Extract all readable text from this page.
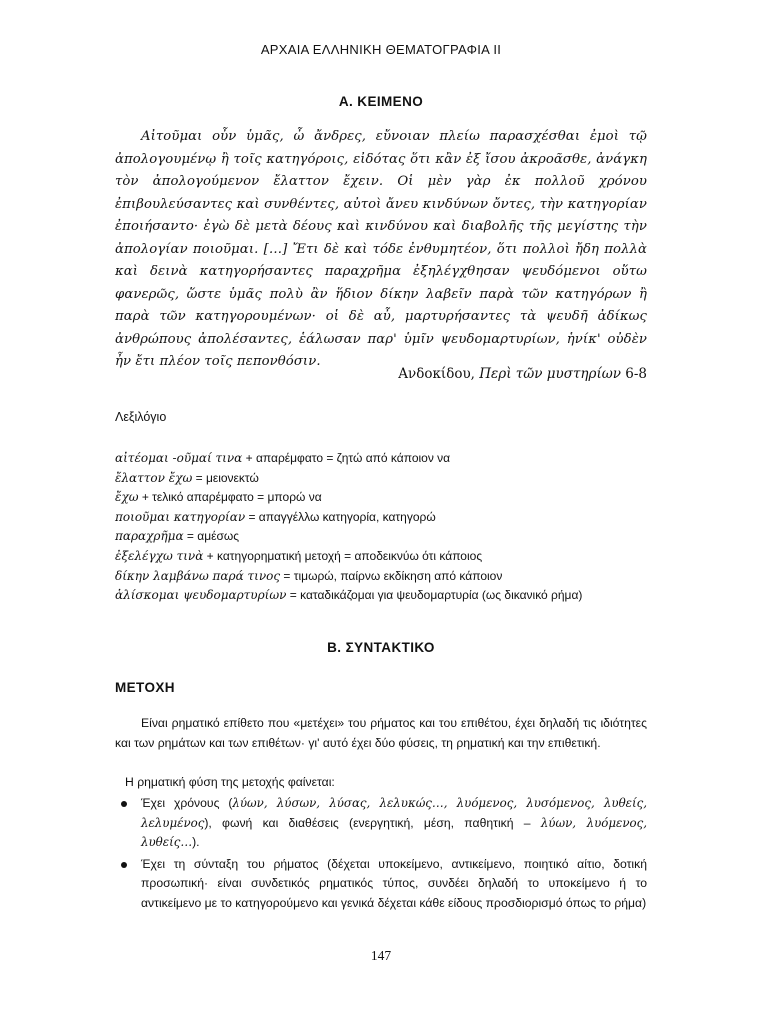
ΑΡΧΑΙΑ ΕΛΛΗΝΙΚΗ ΘΕΜΑΤΟΓΡΑΦΙΑ ΙΙ
Α. ΚΕΙΜΕΝΟ

Αἰτοῦμαι οὖν ὑμᾶς, ὦ ἄνδρες, εὔνοιαν πλείω παρασχέσθαι ἐμοὶ τῷ ἀπολογουμένῳ ἢ τοῖς κατηγόροις, εἰδότας ὅτι κἂν ἐξ ἴσου ἀκροᾶσθε, ἀνάγκη τὸν ἀπολογούμενον ἔλαττον ἔχειν. Οἱ μὲν γὰρ ἐκ πολλοῦ χρόνου ἐπιβουλεύσαντες καὶ συνθέντες, αὐτοὶ ἄνευ κινδύνων ὄντες, τὴν κατηγορίαν ἐποιήσαντο· ἐγὼ δὲ μετὰ δέους καὶ κινδύνου καὶ διαβολῆς τῆς μεγίστης τὴν ἀπολογίαν ποιοῦμαι. […] Ἔτι δὲ καὶ τόδε ἐνθυμητέον, ὅτι πολλοὶ ἤδη πολλὰ καὶ δεινὰ κατηγορήσαντες παραχρῆμα ἐξηλέγχθησαν ψευδόμενοι οὕτω φανερῶς, ὥστε ὑμᾶς πολὺ ἂν ἥδιον δίκην λαβεῖν παρὰ τῶν κατηγόρων ἢ παρὰ τῶν κατηγορουμένων· οἱ δὲ αὖ, μαρτυρήσαντες τὰ ψευδῆ ἀδίκως ἀνθρώπους ἀπολέσαντες, ἑάλωσαν παρ' ὑμῖν ψευδομαρτυρίων, ἡνίκ' οὐδὲν ἦν ἔτι πλέον τοῖς πεπονθόσιν.

Ανδοκίδου, Περὶ τῶν μυστηρίων 6-8
Λεξιλόγιο
αἰτέομαι -οῦμαί τινα + απαρέμφατο = ζητώ από κάποιον να
ἔλαττον ἔχω = μειονεκτώ
ἔχω + τελικό απαρέμφατο = μπορώ να
ποιοῦμαι κατηγορίαν = απαγγέλλω κατηγορία, κατηγορώ
παραχρῆμα = αμέσως
ἐξελέγχω τινὰ + κατηγορηματική μετοχή = αποδεικνύω ότι κάποιος
δίκην λαμβάνω παρά τινος = τιμωρώ, παίρνω εκδίκηση από κάποιον
ἁλίσκομαι ψευδομαρτυρίων = καταδικάζομαι για ψευδομαρτυρία (ως δικανικό ρήμα)
Β. ΣΥΝΤΑΚΤΙΚΟ
ΜΕΤΟΧΗ

Είναι ρηματικό επίθετο που «μετέχει» του ρήματος και του επιθέτου, έχει δηλαδή τις ιδιότητες και των ρημάτων και των επιθέτων· γι' αυτό έχει δύο φύσεις, τη ρηματική και την επιθετική.

Η ρηματική φύση της μετοχής φαίνεται:

Έχει χρόνους (λύων, λύσων, λύσας, λελυκώς…, λυόμενος, λυσόμενος, λυθείς, λελυμένος), φωνή και διαθέσεις (ενεργητική, μέση, παθητική – λύων, λυόμενος, λυθείς…).
Έχει τη σύνταξη του ρήματος (δέχεται υποκείμενο, αντικείμενο, ποιητικό αίτιο, δοτική προσωπική· είναι συνδετικός ρηματικός τύπος, συνδέει δηλαδή το υποκείμενο ή το αντικείμενο με το κατηγορούμενο και γενικά δέχεται κάθε είδους προσδιορισμό όπως το ρήμα)
147
